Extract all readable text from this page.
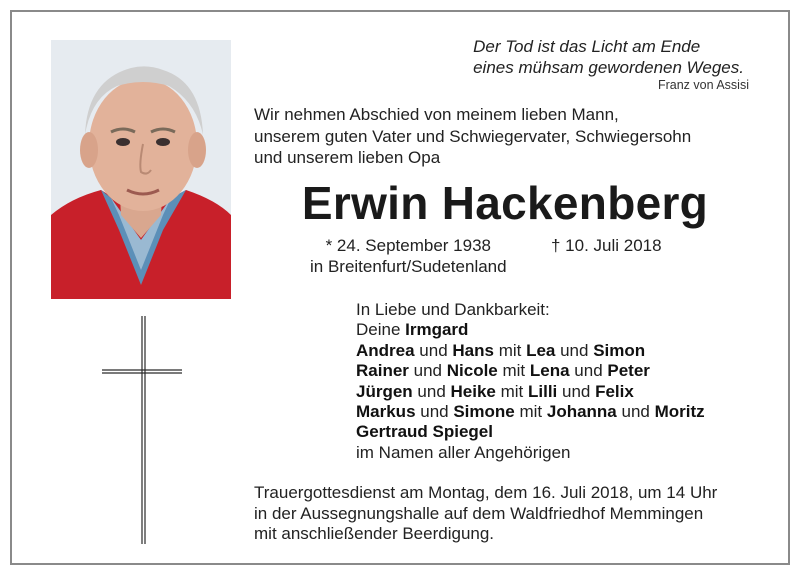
Der Tod ist das Licht am Ende
eines mühsam gewordenen Weges.
Franz von Assisi
Wir nehmen Abschied von meinem lieben Mann,
unserem guten Vater und Schwiegervater, Schwiegersohn
und unserem lieben Opa
Erwin Hackenberg
* 24. September 1938
in Breitenfurt/Sudetenland
† 10. Juli 2018
In Liebe und Dankbarkeit:
Deine Irmgard
Andrea und Hans mit Lea und Simon
Rainer und Nicole mit Lena und Peter
Jürgen und Heike mit Lilli und Felix
Markus und Simone mit Johanna und Moritz
Gertraud Spiegel
im Namen aller Angehörigen
Trauergottesdienst am Montag, dem 16. Juli 2018, um 14 Uhr
in der Aussegnungshalle auf dem Waldfriedhof Memmingen
mit anschließender Beerdigung.
